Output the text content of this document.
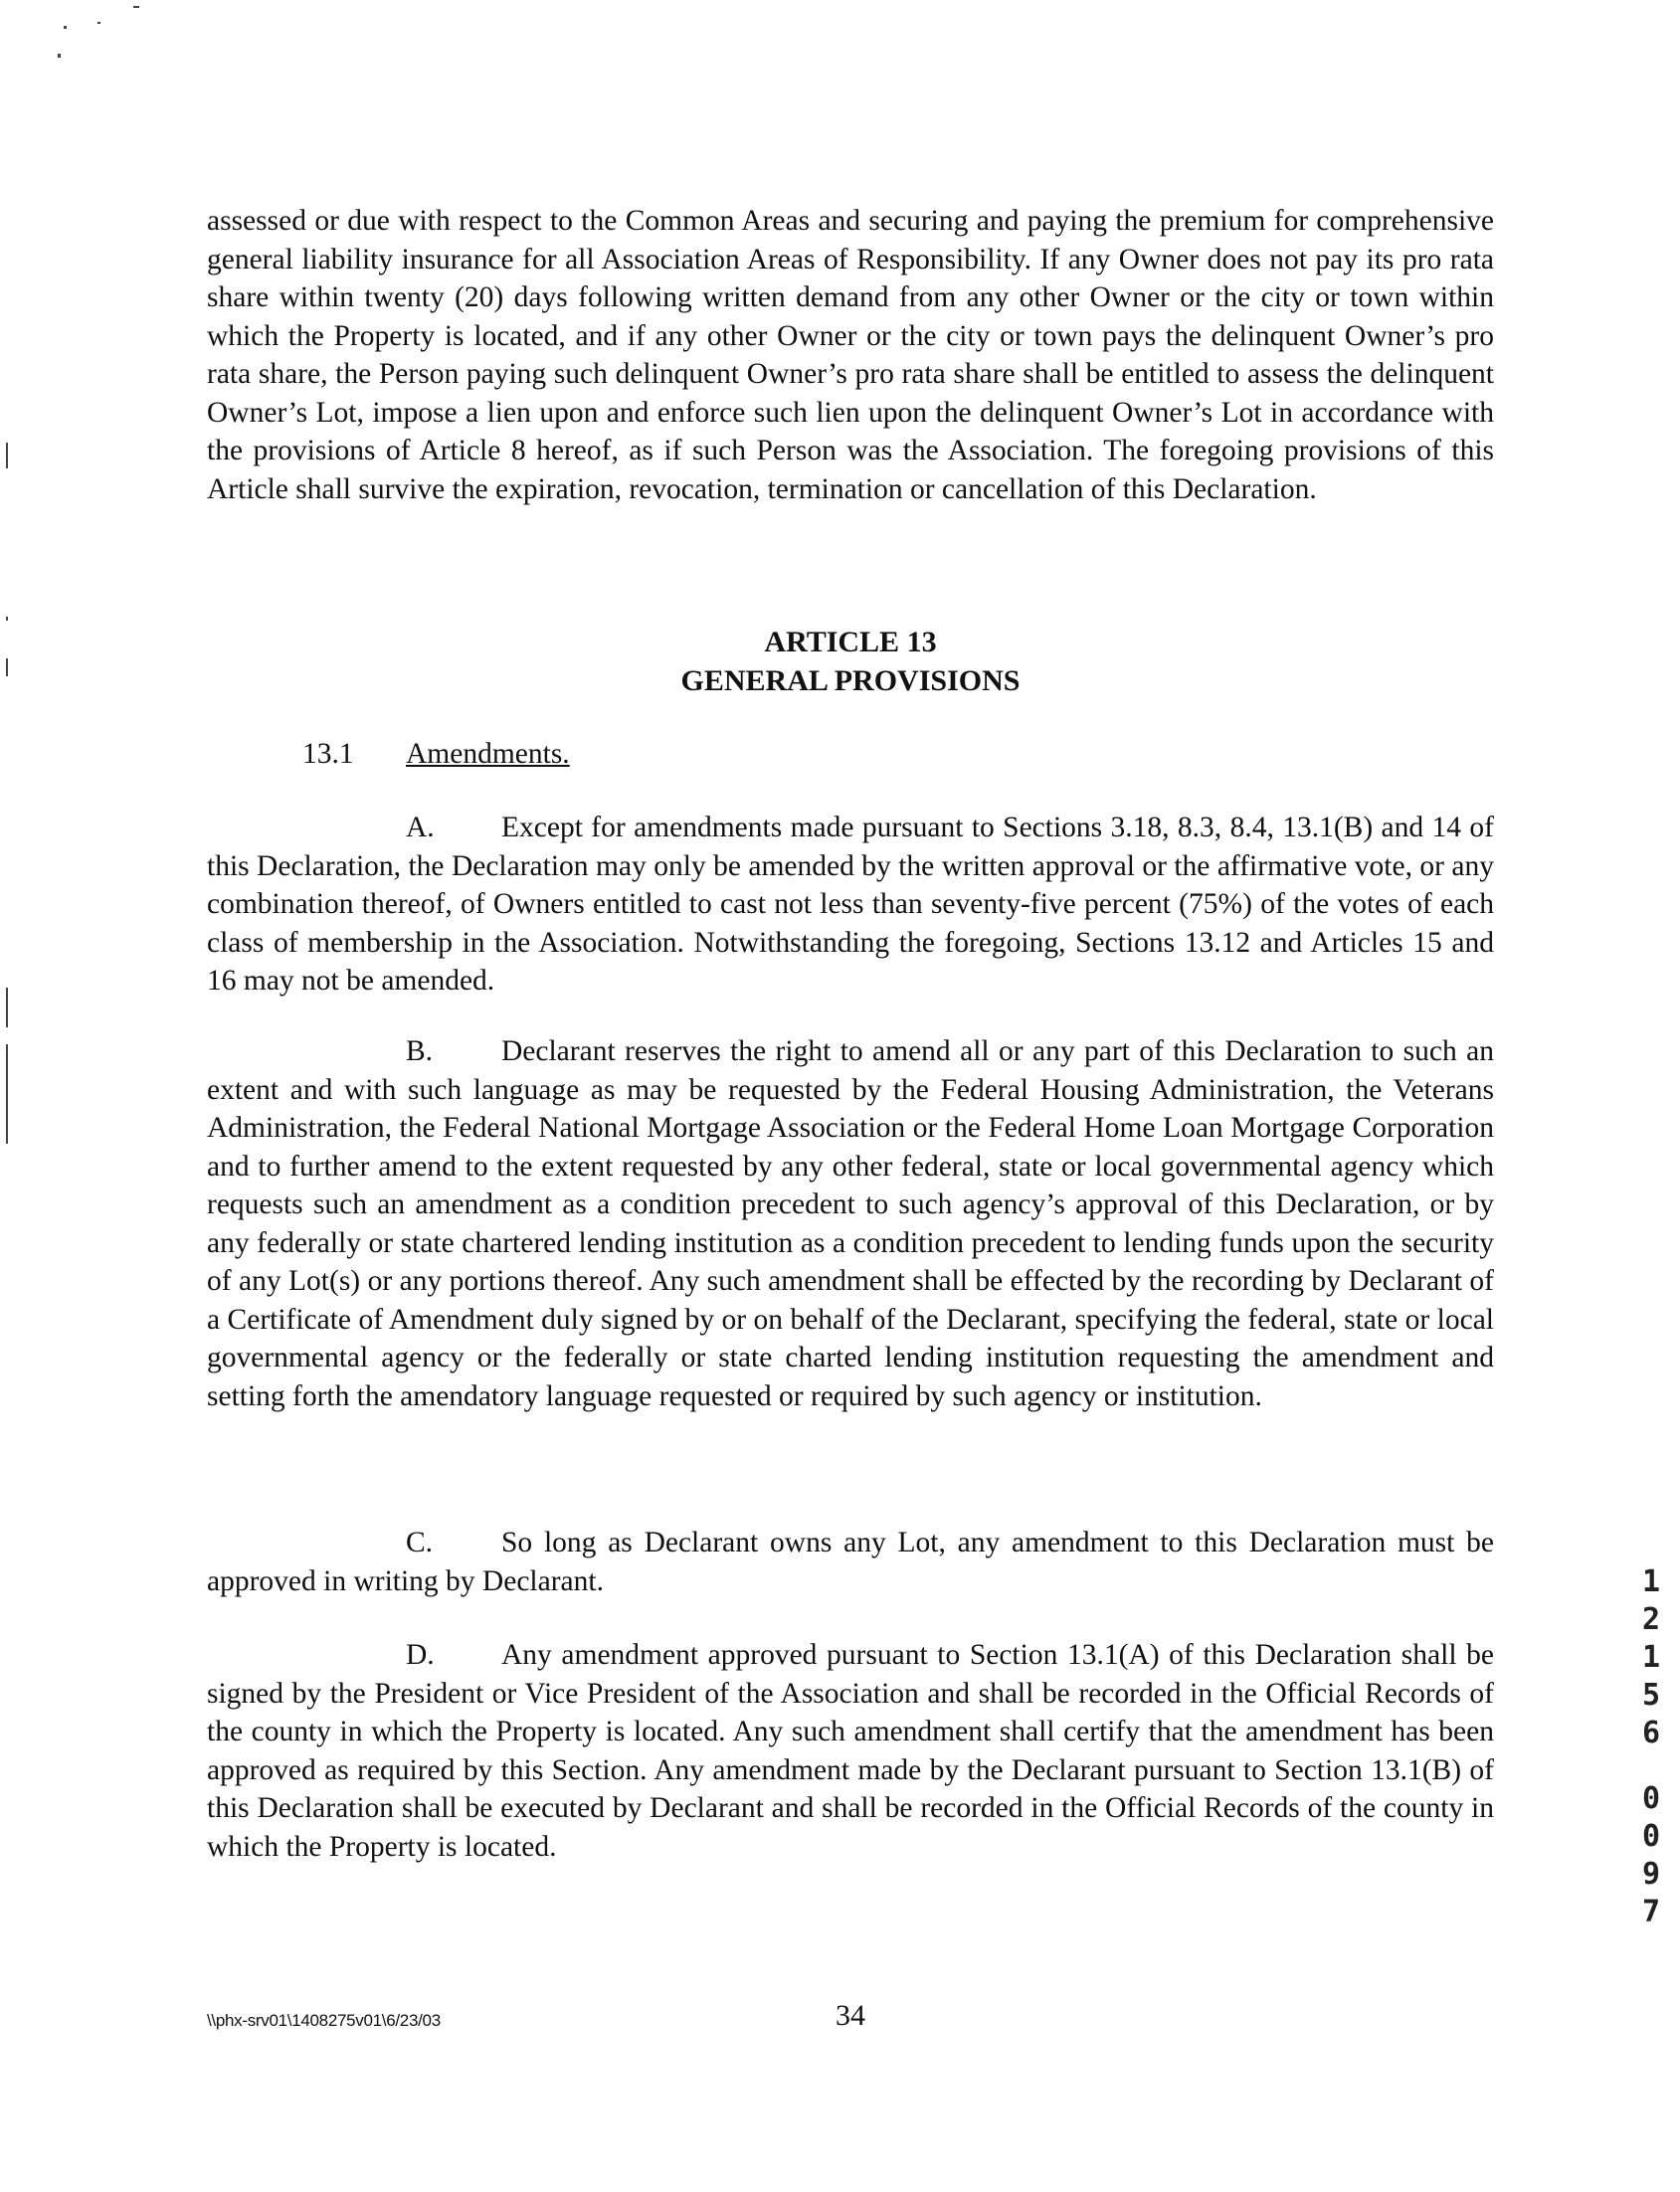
assessed or due with respect to the Common Areas and securing and paying the premium for comprehensive general liability insurance for all Association Areas of Responsibility. If any Owner does not pay its pro rata share within twenty (20) days following written demand from any other Owner or the city or town within which the Property is located, and if any other Owner or the city or town pays the delinquent Owner’s pro rata share, the Person paying such delinquent Owner’s pro rata share shall be entitled to assess the delinquent Owner’s Lot, impose a lien upon and enforce such lien upon the delinquent Owner’s Lot in accordance with the provisions of Article 8 hereof, as if such Person was the Association. The foregoing provisions of this Article shall survive the expiration, revocation, termination or cancellation of this Declaration.

ARTICLE 13
GENERAL PROVISIONS

13.1 Amendments.

A. Except for amendments made pursuant to Sections 3.18, 8.3, 8.4, 13.1(B) and 14 of this Declaration, the Declaration may only be amended by the written approval or the affirmative vote, or any combination thereof, of Owners entitled to cast not less than seventy-five percent (75%) of the votes of each class of membership in the Association. Notwithstanding the foregoing, Sections 13.12 and Articles 15 and 16 may not be amended.

B. Declarant reserves the right to amend all or any part of this Declaration to such an extent and with such language as may be requested by the Federal Housing Administration, the Veterans Administration, the Federal National Mortgage Association or the Federal Home Loan Mortgage Corporation and to further amend to the extent requested by any other federal, state or local governmental agency which requests such an amendment as a condition precedent to such agency’s approval of this Declaration, or by any federally or state chartered lending institution as a condition precedent to lending funds upon the security of any Lot(s) or any portions thereof. Any such amendment shall be effected by the recording by Declarant of a Certificate of Amendment duly signed by or on behalf of the Declarant, specifying the federal, state or local governmental agency or the federally or state charted lending institution requesting the amendment and setting forth the amendatory language requested or required by such agency or institution.

C. So long as Declarant owns any Lot, any amendment to this Declaration must be approved in writing by Declarant.

D. Any amendment approved pursuant to Section 13.1(A) of this Declaration shall be signed by the President or Vice President of the Association and shall be recorded in the Official Records of the county in which the Property is located. Any such amendment shall certify that the amendment has been approved as required by this Section. Any amendment made by the Declarant pursuant to Section 13.1(B) of this Declaration shall be executed by Declarant and shall be recorded in the Official Records of the county in which the Property is located.

\\phx-srv01\1408275v01\6/23/03	34
1
2
1
5
6
0
0
9
7
